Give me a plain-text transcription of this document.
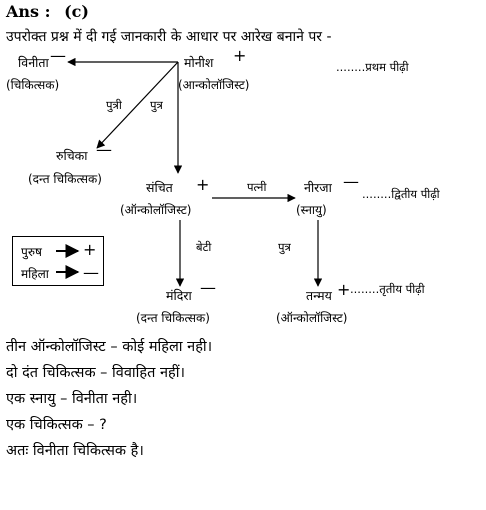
Ans : (c)
उपरोक्त प्रश्न में दी गई जानकारी के आधार पर आरेख बनाने पर -
विनीता —
(चिकित्सक)
मोनीश +
(आन्कोलॉजिस्ट)
........प्रथम पीढ़ी
पुत्री पुत्र
रुचिका —
(दन्त चिकित्सक)
संचित +
(ऑन्कोलॉजिस्ट)
पत्नी	नीरजा —
(स्नायु)
........द्वितीय पीढ़ी
पुरुष	+
महिला —
बेटी	पुत्र
मंदिरा —
(दन्त चिकित्सक)
तन्मय +
(ऑन्कोलॉजिस्ट)
........तृतीय पीढ़ी
तीन ऑन्कोलॉजिस्ट – कोई महिला नही।
दो दंत चिकित्सक – विवाहित नहीं।
एक स्नायु – विनीता नही।
एक चिकित्सक – ?
अतः विनीता चिकित्सक है।
